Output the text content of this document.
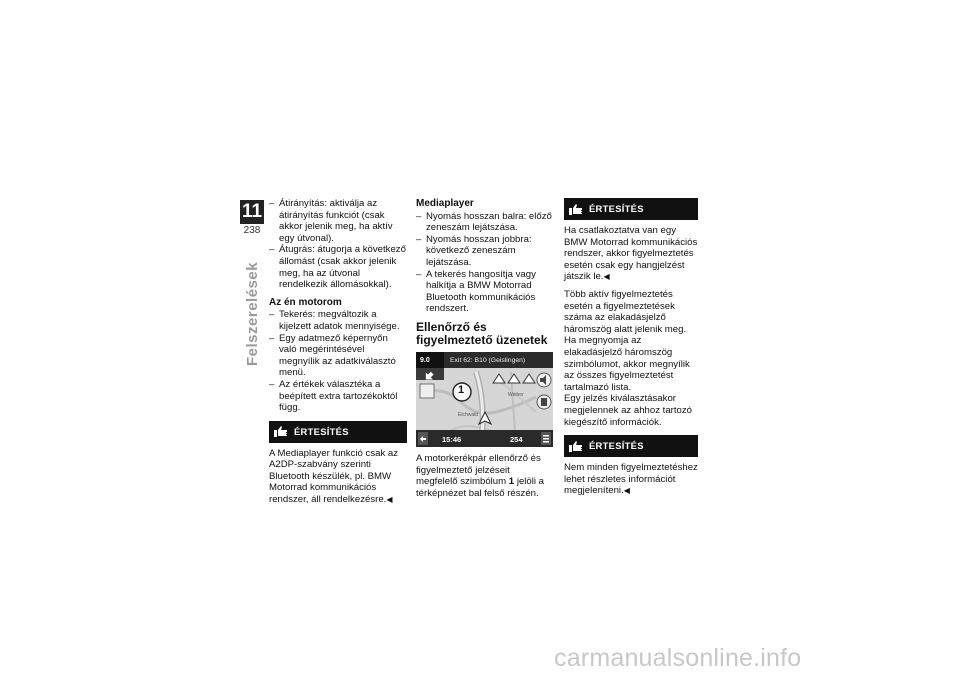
11
238
Felszerelések
– Átirányítás: aktiválja az átirányítás funkciót (csak akkor jelenik meg, ha aktív egy útvonal).
– Átugrás: átugorja a következő állomást (csak akkor jelenik meg, ha az útvonal rendelkezik állomásokkal).
Az én motorom
– Tekerés: megváltozik a kijelzett adatok mennyisége.
– Egy adatmező képernyőn való megérintésével megnyílik az adatkiválasztó menü.
– Az értékek választéka a beépített extra tartozékoktól függ.
ÉRTESÍTÉS

A Mediaplayer funkció csak az A2DP-szabvány szerinti Bluetooth készülék, pl. BMW Motorrad kommunikációs rendszer, áll rendelkezésre.◀

Mediaplayer
– Nyomás hosszan balra: előző zeneszám lejátszása.
– Nyomás hosszan jobbra: következő zeneszám lejátszása.
– A tekerés hangosítja vagy halkítja a BMW Motorrad Bluetooth kommunikációs rendszert.
Ellenőrző és figyelmeztető üzenetek
9.0	Exit 62: B10 (Geislingen)
1	Weiher
Eichwald
15:46	254

A motorkerékpár ellenőrző és figyelmeztető jelzéseit megfelelő szimbólum 1 jelöli a térképnézet bal felső részén.

ÉRTESÍTÉS

Ha csatlakoztatva van egy BMW Motorrad kommunikációs rendszer, akkor figyelmeztetés esetén csak egy hangjelzést játszik le.◀

Több aktív figyelmeztetés esetén a figyelmeztetések száma az elakadásjelző háromszög alatt jelenik meg.

Ha megnyomja az elakadásjelző háromszög szimbólumot, akkor megnyílik az összes figyelmeztetést tartalmazó lista.

Egy jelzés kiválasztásakor megjelennek az ahhoz tartozó kiegészítő információk.

ÉRTESÍTÉS

Nem minden figyelmeztetéshez lehet részletes információt megjeleníteni.◀

carmanualsonline.info
